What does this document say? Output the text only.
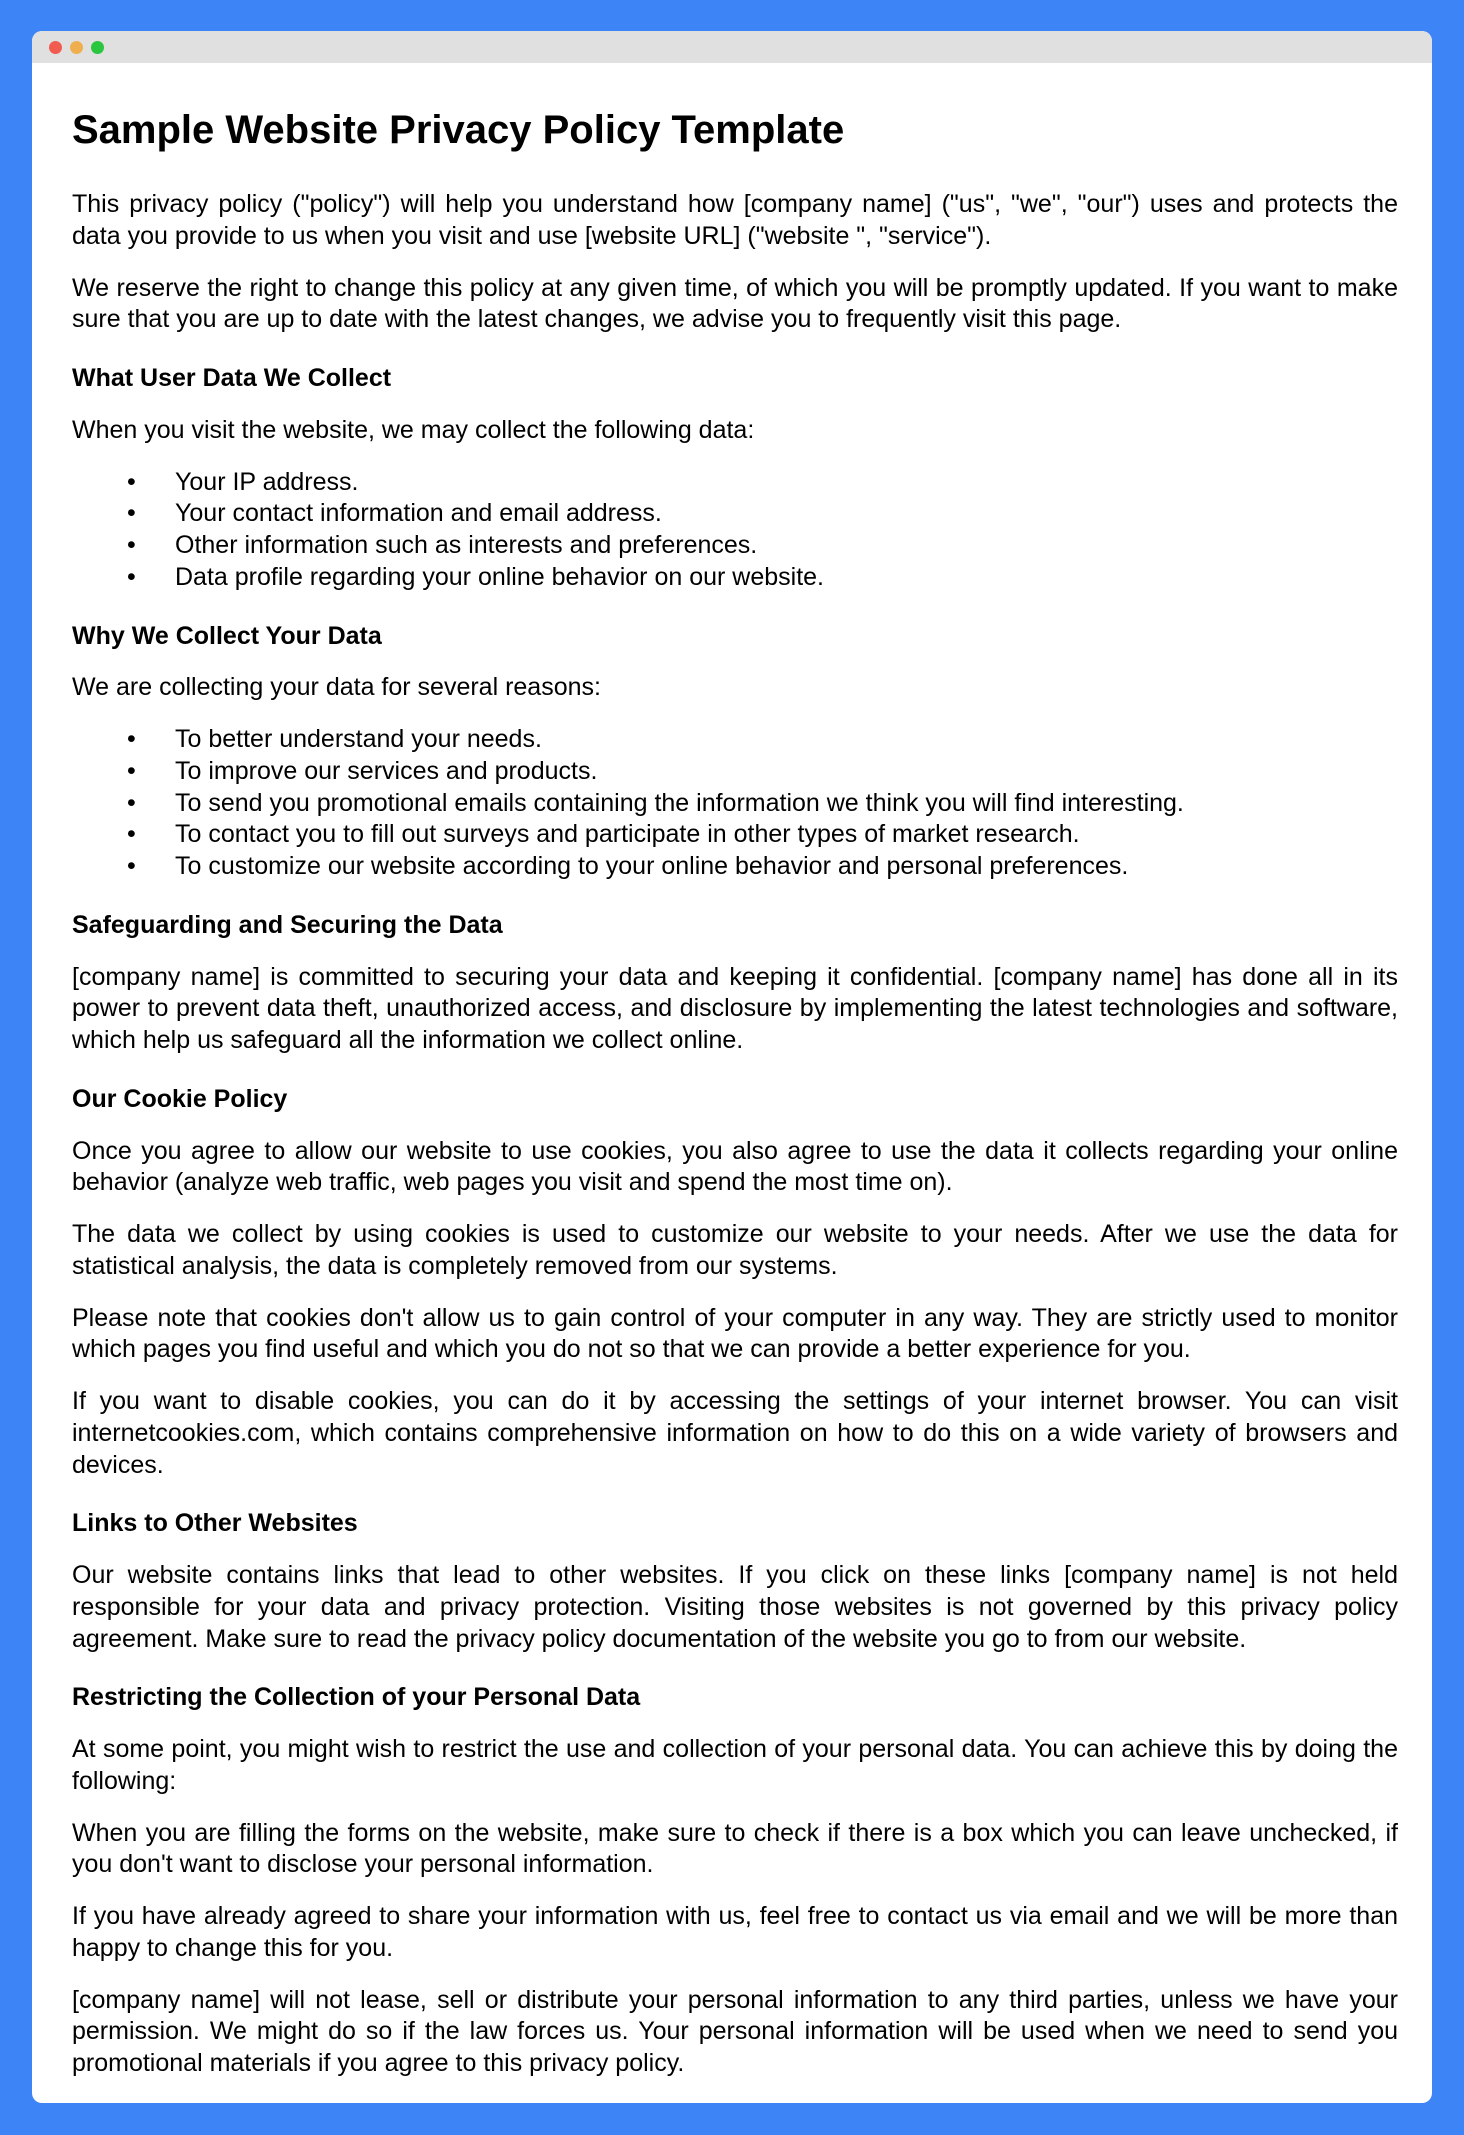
Sample Website Privacy Policy Template

This privacy policy ("policy") will help you understand how [company name] ("us", "we", "our") uses and protects the data you provide to us when you visit and use [website URL] ("website ", "service").

We reserve the right to change this policy at any given time, of which you will be promptly updated. If you want to make sure that you are up to date with the latest changes, we advise you to frequently visit this page.

What User Data We Collect

When you visit the website, we may collect the following data:

• Your IP address.
• Your contact information and email address.
• Other information such as interests and preferences.
• Data profile regarding your online behavior on our website.
Why We Collect Your Data

We are collecting your data for several reasons:

• To better understand your needs.
• To improve our services and products.
• To send you promotional emails containing the information we think you will find interesting.
• To contact you to fill out surveys and participate in other types of market research.
• To customize our website according to your online behavior and personal preferences.
Safeguarding and Securing the Data

[company name] is committed to securing your data and keeping it confidential. [company name] has done all in its power to prevent data theft, unauthorized access, and disclosure by implementing the latest technologies and software, which help us safeguard all the information we collect online.

Our Cookie Policy

Once you agree to allow our website to use cookies, you also agree to use the data it collects regarding your online behavior (analyze web traffic, web pages you visit and spend the most time on).

The data we collect by using cookies is used to customize our website to your needs. After we use the data for statistical analysis, the data is completely removed from our systems.

Please note that cookies don't allow us to gain control of your computer in any way. They are strictly used to monitor which pages you find useful and which you do not so that we can provide a better experience for you.

If you want to disable cookies, you can do it by accessing the settings of your internet browser. You can visit internetcookies.com, which contains comprehensive information on how to do this on a wide variety of browsers and devices.

Links to Other Websites

Our website contains links that lead to other websites. If you click on these links [company name] is not held responsible for your data and privacy protection. Visiting those websites is not governed by this privacy policy agreement. Make sure to read the privacy policy documentation of the website you go to from our website.

Restricting the Collection of your Personal Data

At some point, you might wish to restrict the use and collection of your personal data. You can achieve this by doing the following:

When you are filling the forms on the website, make sure to check if there is a box which you can leave unchecked, if you don't want to disclose your personal information.

If you have already agreed to share your information with us, feel free to contact us via email and we will be more than happy to change this for you.

[company name] will not lease, sell or distribute your personal information to any third parties, unless we have your permission. We might do so if the law forces us. Your personal information will be used when we need to send you promotional materials if you agree to this privacy policy.
